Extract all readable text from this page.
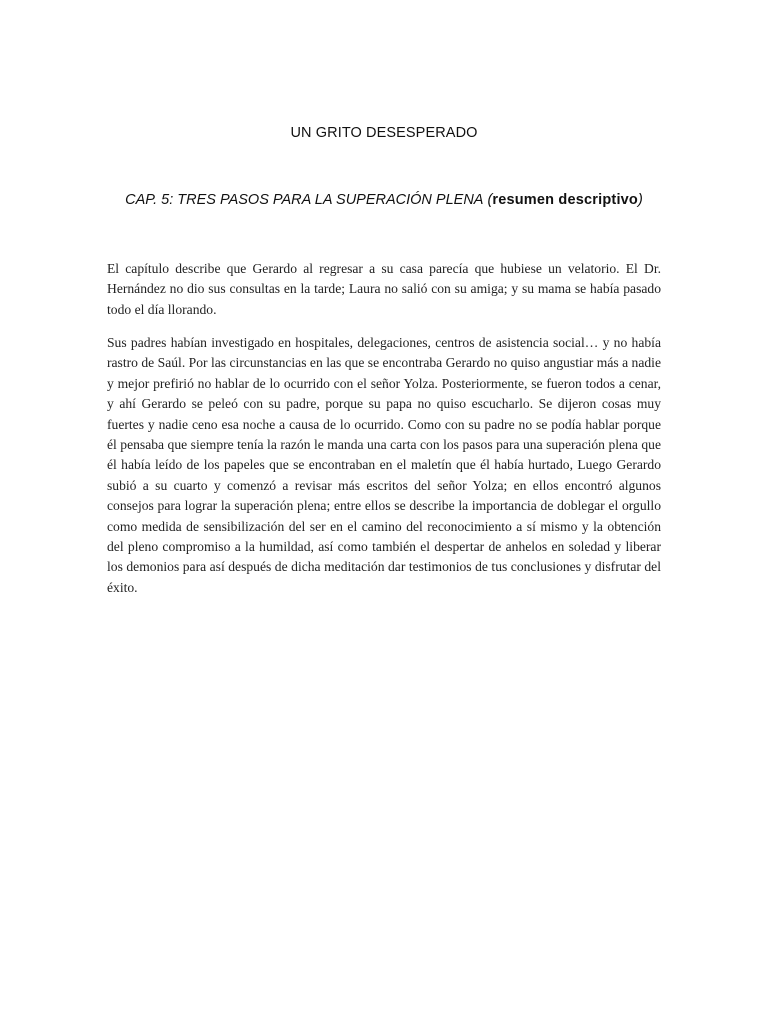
UN GRITO DESESPERADO
CAP. 5: TRES PASOS PARA LA SUPERACIÓN PLENA (resumen descriptivo)

El capítulo describe que Gerardo al regresar a su casa parecía que hubiese un velatorio. El Dr. Hernández no dio sus consultas en la tarde; Laura no salió con su amiga; y su mama se había pasado todo el día llorando.

Sus padres habían investigado en hospitales, delegaciones, centros de asistencia social… y no había rastro de Saúl. Por las circunstancias en las que se encontraba Gerardo no quiso angustiar más a nadie y mejor prefirió no hablar de lo ocurrido con el señor Yolza. Posteriormente, se fueron todos a cenar, y ahí Gerardo se peleó con su padre, porque su papa no quiso escucharlo. Se dijeron cosas muy fuertes y nadie ceno esa noche a causa de lo ocurrido. Como con su padre no se podía hablar porque él pensaba que siempre tenía la razón le manda una carta con los pasos para una superación plena que él había leído de los papeles que se encontraban en el maletín que él había hurtado, Luego Gerardo subió a su cuarto y comenzó a revisar más escritos del señor Yolza; en ellos encontró algunos consejos para lograr la superación plena; entre ellos se describe la importancia de doblegar el orgullo como medida de sensibilización del ser en el camino del reconocimiento a sí mismo y la obtención del pleno compromiso a la humildad, así como también el despertar de anhelos en soledad y liberar los demonios para así después de dicha meditación dar testimonios de tus conclusiones y disfrutar del éxito.
